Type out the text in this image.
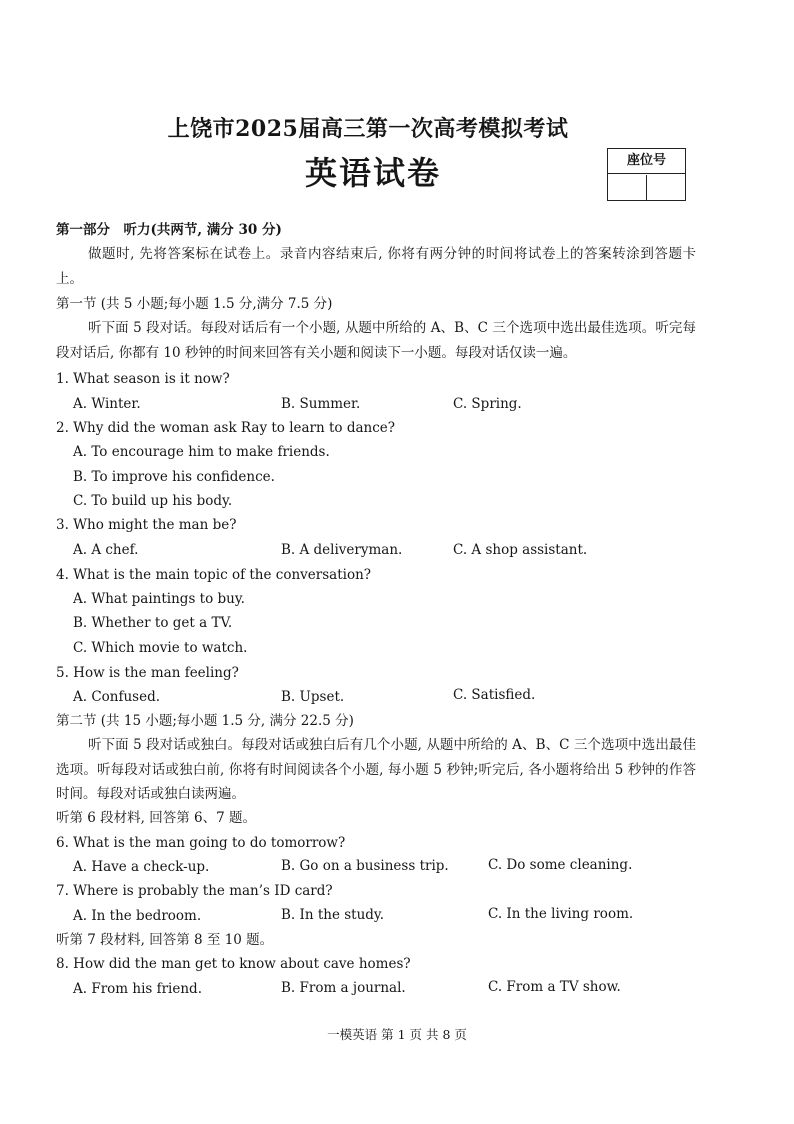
上饶市2025届高三第一次高考模拟考试
英语试卷	座位号
第一部分　听力(共两节, 满分 30 分)
做题时, 先将答案标在试卷上。录音内容结束后, 你将有两分钟的时间将试卷上的答案转涂到答题卡上。
第一节 (共 5 小题;每小题 1.5 分,满分 7.5 分)
听下面 5 段对话。每段对话后有一个小题, 从题中所给的 A、B、C 三个选项中选出最佳选项。听完每段对话后, 你都有 10 秒钟的时间来回答有关小题和阅读下一小题。每段对话仅读一遍。
1. What season is it now?
A. Winter.	B. Summer.	C. Spring.
2. Why did the woman ask Ray to learn to dance?
A. To encourage him to make friends.
B. To improve his confidence.
C. To build up his body.
3. Who might the man be?
A. A chef.	B. A deliveryman.	C. A shop assistant.
4. What is the main topic of the conversation?
A. What paintings to buy.
B. Whether to get a TV.
C. Which movie to watch.
5. How is the man feeling?
A. Confused.	B. Upset.	C. Satisfied.
第二节 (共 15 小题;每小题 1.5 分, 满分 22.5 分)
听下面 5 段对话或独白。每段对话或独白后有几个小题, 从题中所给的 A、B、C 三个选项中选出最佳选项。听每段对话或独白前, 你将有时间阅读各个小题, 每小题 5 秒钟;听完后, 各小题将给出 5 秒钟的作答时间。每段对话或独白读两遍。
听第 6 段材料, 回答第 6、7 题。
6. What is the man going to do tomorrow?
A. Have a check-up.	B. Go on a business trip.	C. Do some cleaning.
7. Where is probably the man’s ID card?
A. In the bedroom.	B. In the study.	C. In the living room.
听第 7 段材料, 回答第 8 至 10 题。
8. How did the man get to know about cave homes?
A. From his friend.	B. From a journal.	C. From a TV show.
一模英语 第 1 页 共 8 页
